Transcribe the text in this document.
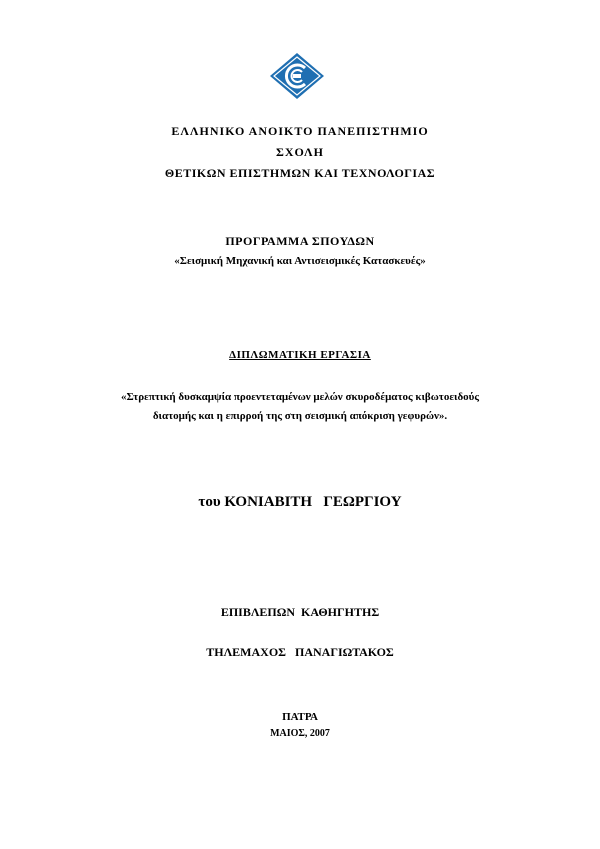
ΕΛΛΗΝΙΚΟ ΑΝΟΙΚΤΟ ΠΑΝΕΠΙΣΤΗΜΙΟ
ΣΧΟΛΗ
ΘΕΤΙΚΩΝ ΕΠΙΣΤΗΜΩΝ ΚΑΙ ΤΕΧΝΟΛΟΓΙΑΣ
ΠΡΟΓΡΑΜΜΑ ΣΠΟΥΔΩΝ
«Σεισμική Μηχανική και Αντισεισμικές Κατασκευές»
ΔΙΠΛΩΜΑΤΙΚΗ ΕΡΓΑΣΙΑ
«Στρεπτική δυσκαμψία προεντεταμένων μελών σκυροδέματος κιβωτοειδούς
διατομής και η επιρροή της στη σεισμική απόκριση γεφυρών».
του ΚΟΝΙΑΒΙΤΗ   ΓΕΩΡΓΙΟΥ
ΕΠΙΒΛΕΠΩΝ  ΚΑΘΗΓΗΤΗΣ
ΤΗΛΕΜΑΧΟΣ   ΠΑΝΑΓΙΩΤΑΚΟΣ
ΠΑΤΡΑ
ΜΑΙΟΣ, 2007
